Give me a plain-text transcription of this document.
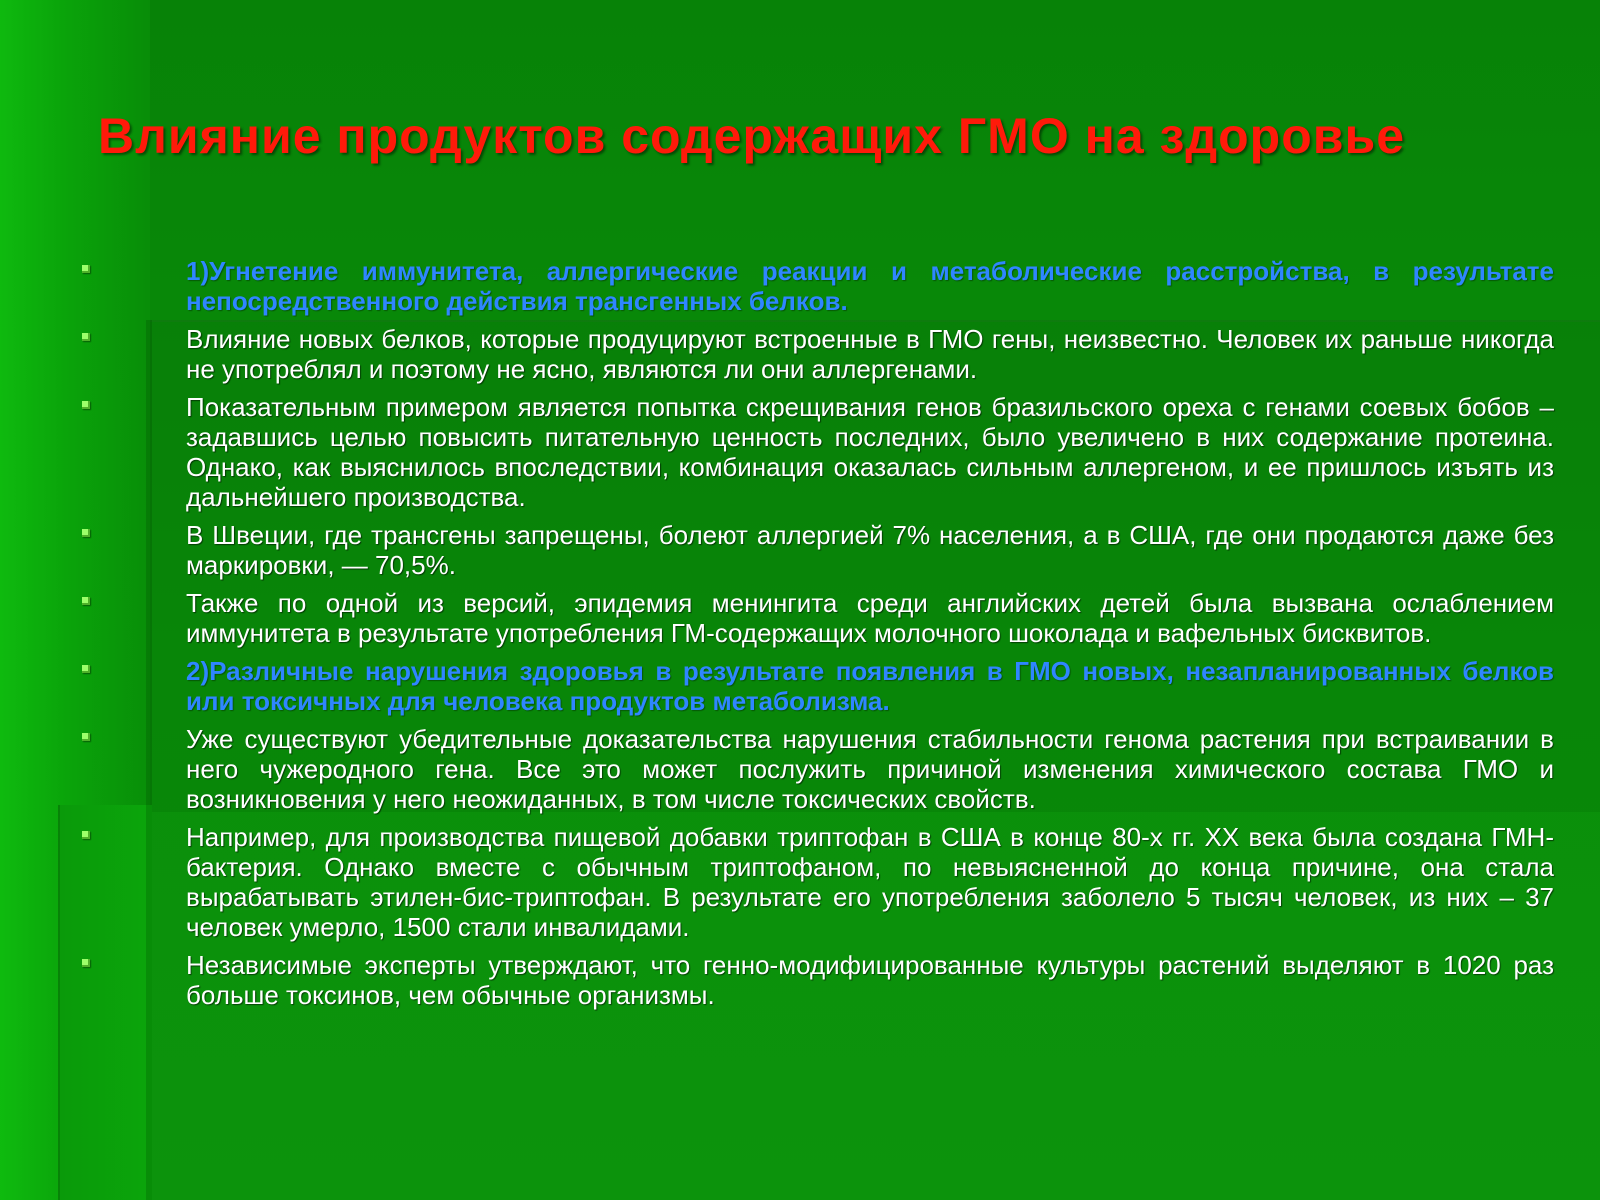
Влияние продуктов содержащих ГМО на здоровье
1)Угнетение иммунитета, аллергические реакции и метаболические расстройства, в результате непосредственного действия трансгенных белков.
Влияние новых белков, которые продуцируют встроенные в ГМО гены, неизвестно. Человек их раньше никогда не употреблял и поэтому не ясно, являются ли они аллергенами.
Показательным примером является попытка скрещивания генов бразильского ореха с генами соевых бобов – задавшись целью повысить питательную ценность последних, было увеличено в них содержание протеина. Однако, как выяснилось впоследствии, комбинация оказалась сильным аллергеном, и ее пришлось изъять из дальнейшего производства.
В Швеции, где трансгены запрещены, болеют аллергией 7% населения, а в США, где они продаются даже без маркировки, — 70,5%.
Также по одной из версий, эпидемия менингита среди английских детей была вызвана ослаблением иммунитета в результате употребления ГМ-содержащих молочного шоколада и вафельных бисквитов.
2)Различные нарушения здоровья в результате появления в ГМО новых, незапланированных белков или токсичных для человека продуктов метаболизма.
Уже существуют убедительные доказательства нарушения стабильности генома растения при встраивании в него чужеродного гена. Все это может послужить причиной изменения химического состава ГМО и возникновения у него неожиданных, в том числе токсических свойств.
Например, для производства пищевой добавки триптофан в США в конце 80-х гг. ХХ века была создана ГМН-бактерия. Однако вместе с обычным триптофаном, по невыясненной до конца причине, она стала вырабатывать этилен-бис-триптофан. В результате его употребления заболело 5 тысяч человек, из них – 37 человек умерло, 1500 стали инвалидами.
Независимые эксперты утверждают, что генно-модифицированные культуры растений выделяют в 1020 раз больше токсинов, чем обычные организмы.
